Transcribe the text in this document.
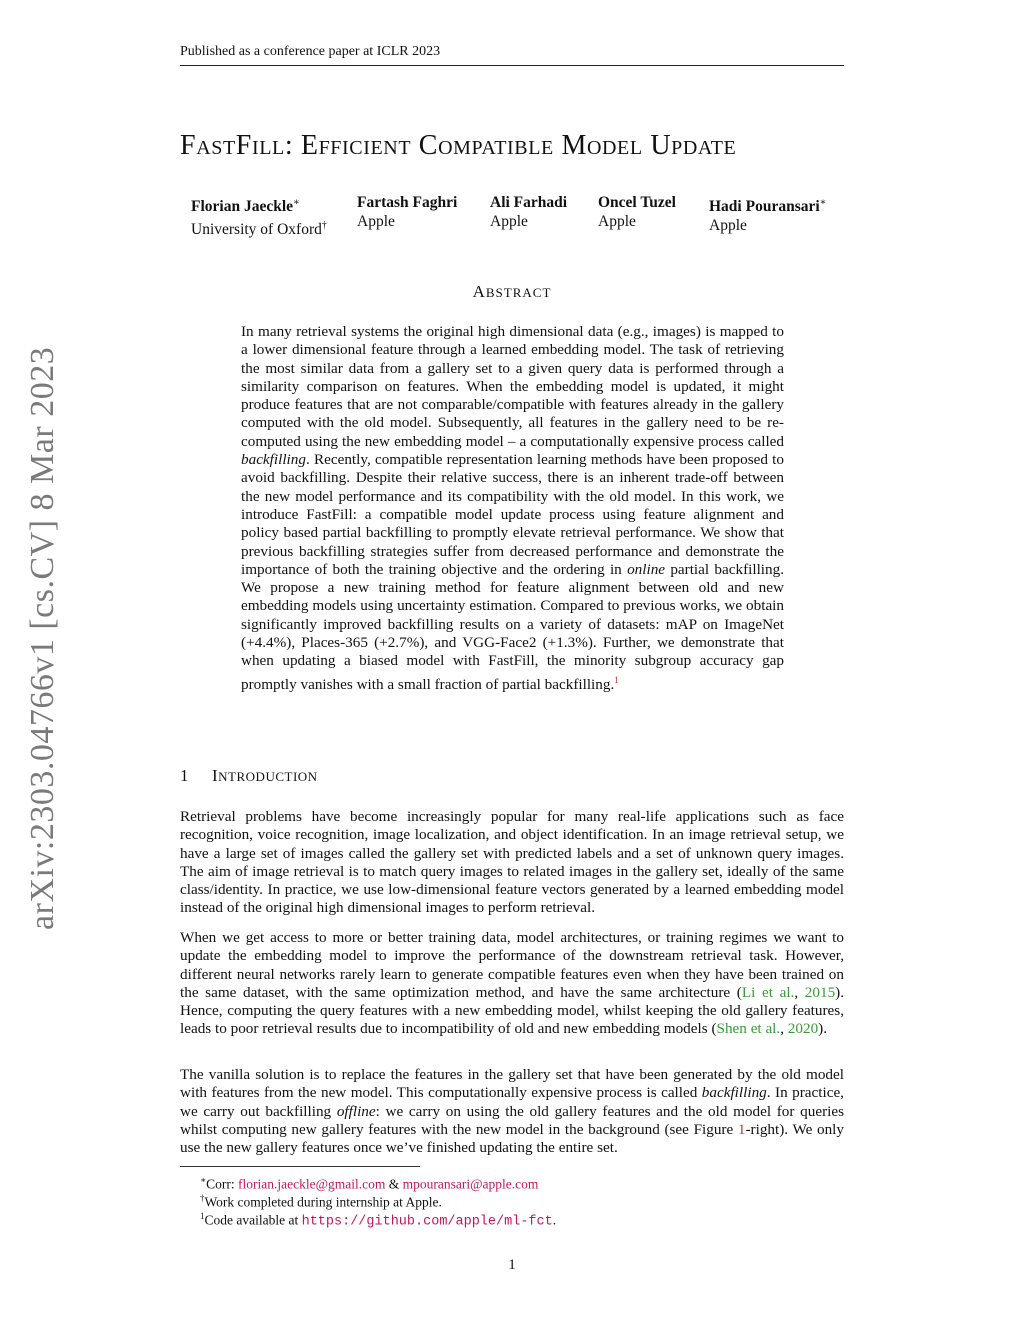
Published as a conference paper at ICLR 2023
arXiv:2303.04766v1 [cs.CV] 8 Mar 2023
FASTFILL: EFFICIENT COMPATIBLE MODEL UPDATE
Florian Jaeckle∗
University of Oxford†
Fartash Faghri
Apple
Ali Farhadi
Apple
Oncel Tuzel
Apple
Hadi Pouransari∗
Apple
ABSTRACT
In many retrieval systems the original high dimensional data (e.g., images) is mapped to a lower dimensional feature through a learned embedding model. The task of retrieving the most similar data from a gallery set to a given query data is performed through a similarity comparison on features. When the embedding model is updated, it might produce features that are not comparable/compatible with features already in the gallery computed with the old model. Subsequently, all features in the gallery need to be re-computed using the new embedding model – a computationally expensive process called backfilling. Recently, compatible representation learning methods have been proposed to avoid backfilling. Despite their relative success, there is an inherent trade-off between the new model performance and its compatibility with the old model. In this work, we introduce FastFill: a compatible model update process using feature alignment and policy based partial backfilling to promptly elevate retrieval performance. We show that previous backfilling strategies suffer from decreased performance and demonstrate the importance of both the training objective and the ordering in online partial backfilling. We propose a new training method for feature alignment between old and new embedding models using uncertainty estimation. Compared to previous works, we obtain significantly improved backfilling results on a variety of datasets: mAP on ImageNet (+4.4%), Places-365 (+2.7%), and VGG-Face2 (+1.3%). Further, we demonstrate that when updating a biased model with FastFill, the minority subgroup accuracy gap promptly vanishes with a small fraction of partial backfilling.$^1$
1 INTRODUCTION
Retrieval problems have become increasingly popular for many real-life applications such as face recognition, voice recognition, image localization, and object identification. In an image retrieval setup, we have a large set of images called the gallery set with predicted labels and a set of unknown query images. The aim of image retrieval is to match query images to related images in the gallery set, ideally of the same class/identity. In practice, we use low-dimensional feature vectors generated by a learned embedding model instead of the original high dimensional images to perform retrieval.
When we get access to more or better training data, model architectures, or training regimes we want to update the embedding model to improve the performance of the downstream retrieval task. However, different neural networks rarely learn to generate compatible features even when they have been trained on the same dataset, with the same optimization method, and have the same architecture (Li et al., 2015). Hence, computing the query features with a new embedding model, whilst keeping the old gallery features, leads to poor retrieval results due to incompatibility of old and new embedding models (Shen et al., 2020).
The vanilla solution is to replace the features in the gallery set that have been generated by the old model with features from the new model. This computationally expensive process is called backfilling. In practice, we carry out backfilling offline: we carry on using the old gallery features and the old model for queries whilst computing new gallery features with the new model in the background (see Figure 1-right). We only use the new gallery features once we’ve finished updating the entire set.
∗Corr: florian.jaeckle@gmail.com & mpouransari@apple.com
†Work completed during internship at Apple.
$^1$Code available at https://github.com/apple/ml-fct.
1
